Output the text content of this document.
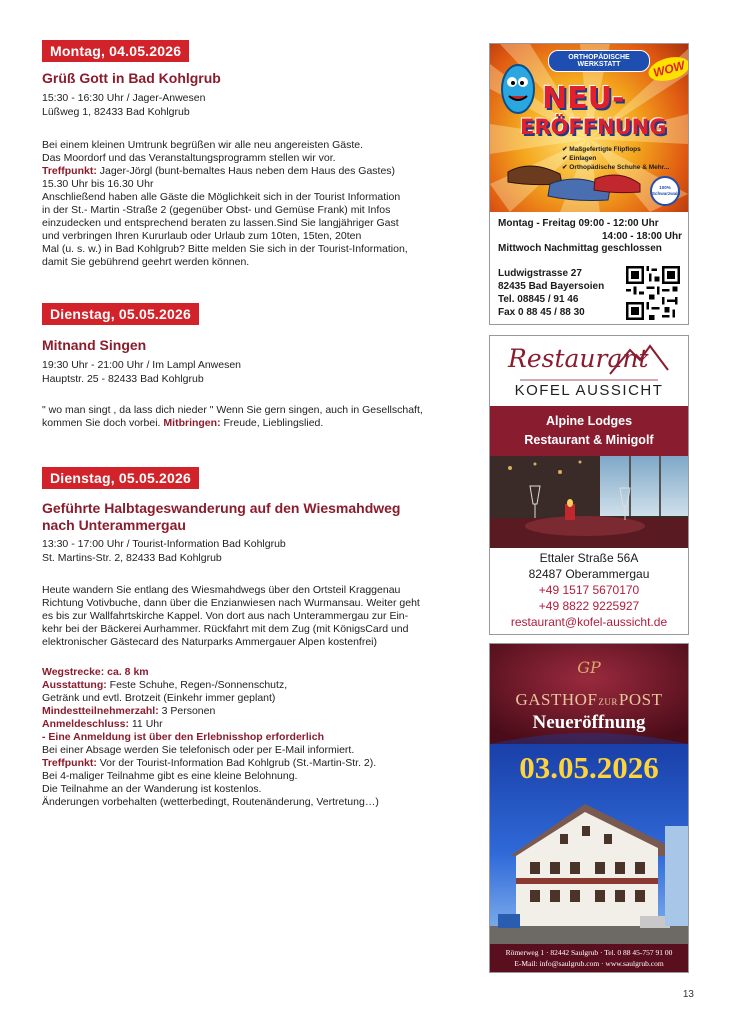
Montag, 04.05.2026
Grüß Gott in Bad Kohlgrub
15:30 - 16:30 Uhr / Jager-Anwesen
Lüßweg 1, 82433 Bad Kohlgrub

Bei einem kleinen Umtrunk begrüßen wir alle neu angereisten Gäste.

Das Moordorf und das Veranstaltungsprogramm stellen wir vor.

Treffpunkt: Jager-Jörgl (bunt-bemaltes Haus neben dem Haus des Gastes)

15.30 Uhr bis 16.30 Uhr

Anschließend haben alle Gäste die Möglichkeit sich in der Tourist Information

in der St.- Martin -Straße 2 (gegenüber Obst- und Gemüse Frank) mit Infos

einzudecken und entsprechend beraten zu lassen.Sind Sie langjähriger Gast

und verbringen Ihren Kururlaub oder Urlaub zum 10ten, 15ten, 20ten

Mal (u. s. w.) in Bad Kohlgrub? Bitte melden Sie sich in der Tourist-Information,

damit Sie gebührend geehrt werden können.

Dienstag, 05.05.2026
Mitnand Singen
19:30 Uhr - 21:00 Uhr / Im Lampl Anwesen
Hauptstr. 25 - 82433 Bad Kohlgrub

" wo man singt , da lass dich nieder " Wenn Sie gern singen, auch in Gesellschaft,

kommen Sie doch vorbei. Mitbringen: Freude, Lieblingslied.

Dienstag, 05.05.2026
Geführte Halbtageswanderung auf den Wiesmahdweg
nach Unterammergau
13:30 - 17:00 Uhr / Tourist-Information Bad Kohlgrub
St. Martins-Str. 2, 82433 Bad Kohlgrub

Heute wandern Sie entlang des Wiesmahdwegs über den Ortsteil Kraggenau

Richtung Votivbuche, dann über die Enzianwiesen nach Wurmansau. Weiter geht

es bis zur Wallfahrtskirche Kappel. Von dort aus nach Unterammergau zur Ein-

kehr bei der Bäckerei Aurhammer. Rückfahrt mit dem Zug (mit KönigsCard und

elektronischer Gästecard des Naturparks Ammergauer Alpen kostenfrei)

Wegstrecke: ca. 8 km

Ausstattung: Feste Schuhe, Regen-/Sonnenschutz,

Getränk und evtl. Brotzeit (Einkehr immer geplant)

Mindestteilnehmerzahl: 3 Personen

Anmeldeschluss: 11 Uhr

- Eine Anmeldung ist über den Erlebnisshop erforderlich

Bei einer Absage werden Sie telefonisch oder per E-Mail informiert.

Treffpunkt: Vor der Tourist-Information Bad Kohlgrub (St.-Martin-Str. 2).

Bei 4-maliger Teilnahme gibt es eine kleine Belohnung.

Die Teilnahme an der Wanderung ist kostenlos.

Änderungen vorbehalten (wetterbedingt, Routenänderung, Vertretung…)

ORTHOPÄDISCHE WERKSTATT	WOW
NEU-
ERÖFFNUNG
✔ Maßgefertigte Flipflops
✔ Einlagen
✔ Orthopädische Schuhe & Mehr...
100% Schwarzwald
Montag - Freitag 09:00 - 12:00 Uhr
14:00 - 18:00 Uhr
Mittwoch Nachmittag geschlossen
Ludwigstrasse 27
82435 Bad Bayersoien
Tel. 08845 / 91 46
Fax 0 88 45 / 88 30
Restaurant
KOFEL AUSSICHT
Alpine Lodges
Restaurant & Minigolf
Ettaler Straße 56A
82487 Oberammergau
+49 1517 5670170
+49 8822 9225927
restaurant@kofel-aussicht.de
GP
GASTHOFZURPOST
Neueröffnung
03.05.2026
Römerweg 1 · 82442 Saulgrub · Tel. 0 88 45-757 91 00
E-Mail: info@saulgrub.com · www.saulgrub.com
13
